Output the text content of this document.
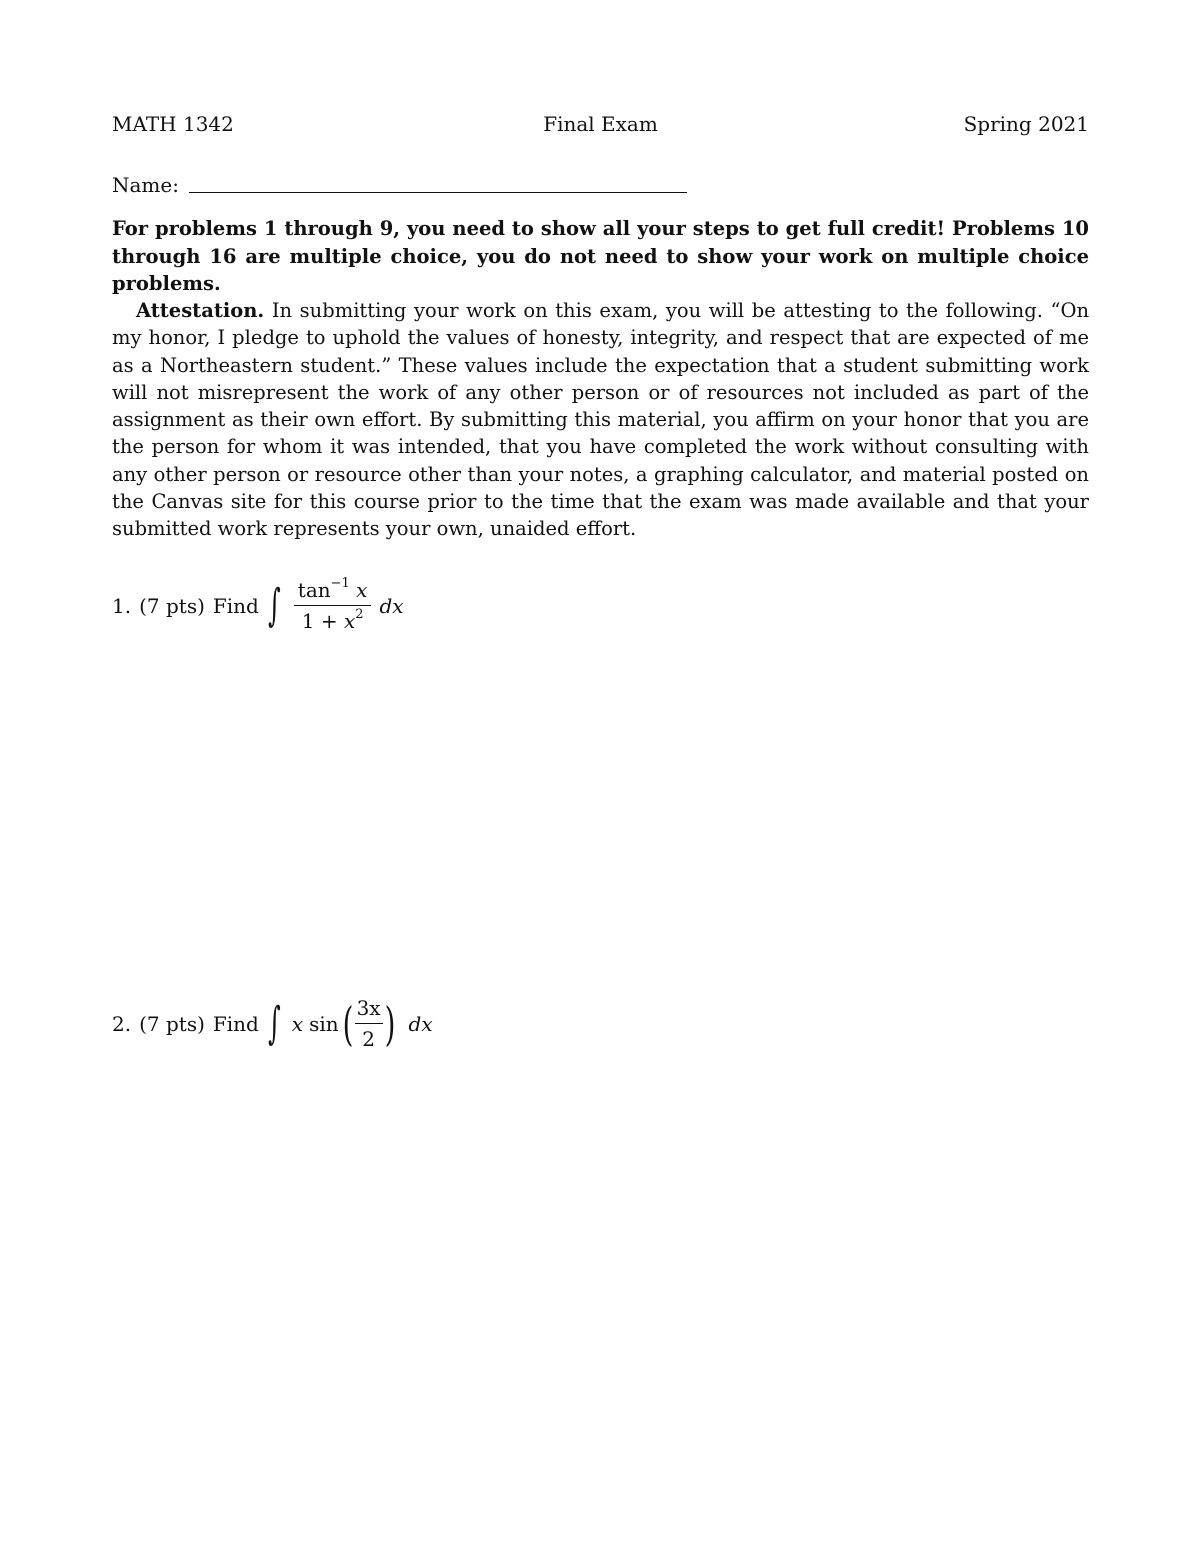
MATH 1342	Final Exam	Spring 2021
Name:

For problems 1 through 9, you need to show all your steps to get full credit! Problems 10 through 16 are multiple choice, you do not need to show your work on multiple choice problems.

Attestation. In submitting your work on this exam, you will be attesting to the following. “On my honor, I pledge to uphold the values of honesty, integrity, and respect that are expected of me as a Northeastern student.” These values include the expectation that a student submitting work will not misrepresent the work of any other person or of resources not included as part of the assignment as their own effort. By submitting this material, you affirm on your honor that you are the person for whom it was intended, that you have completed the work without consulting with any other person or resource other than your notes, a graphing calculator, and material posted on the Canvas site for this course prior to the time that the exam was made available and that your submitted work represents your own, unaided effort.

1. (7 pts) Find ∫ $\frac{\tan^{-1} x}{1 + x^2}$ dx
2. (7 pts) Find ∫ x sin ( $\frac{3x}{2}$ ) dx
